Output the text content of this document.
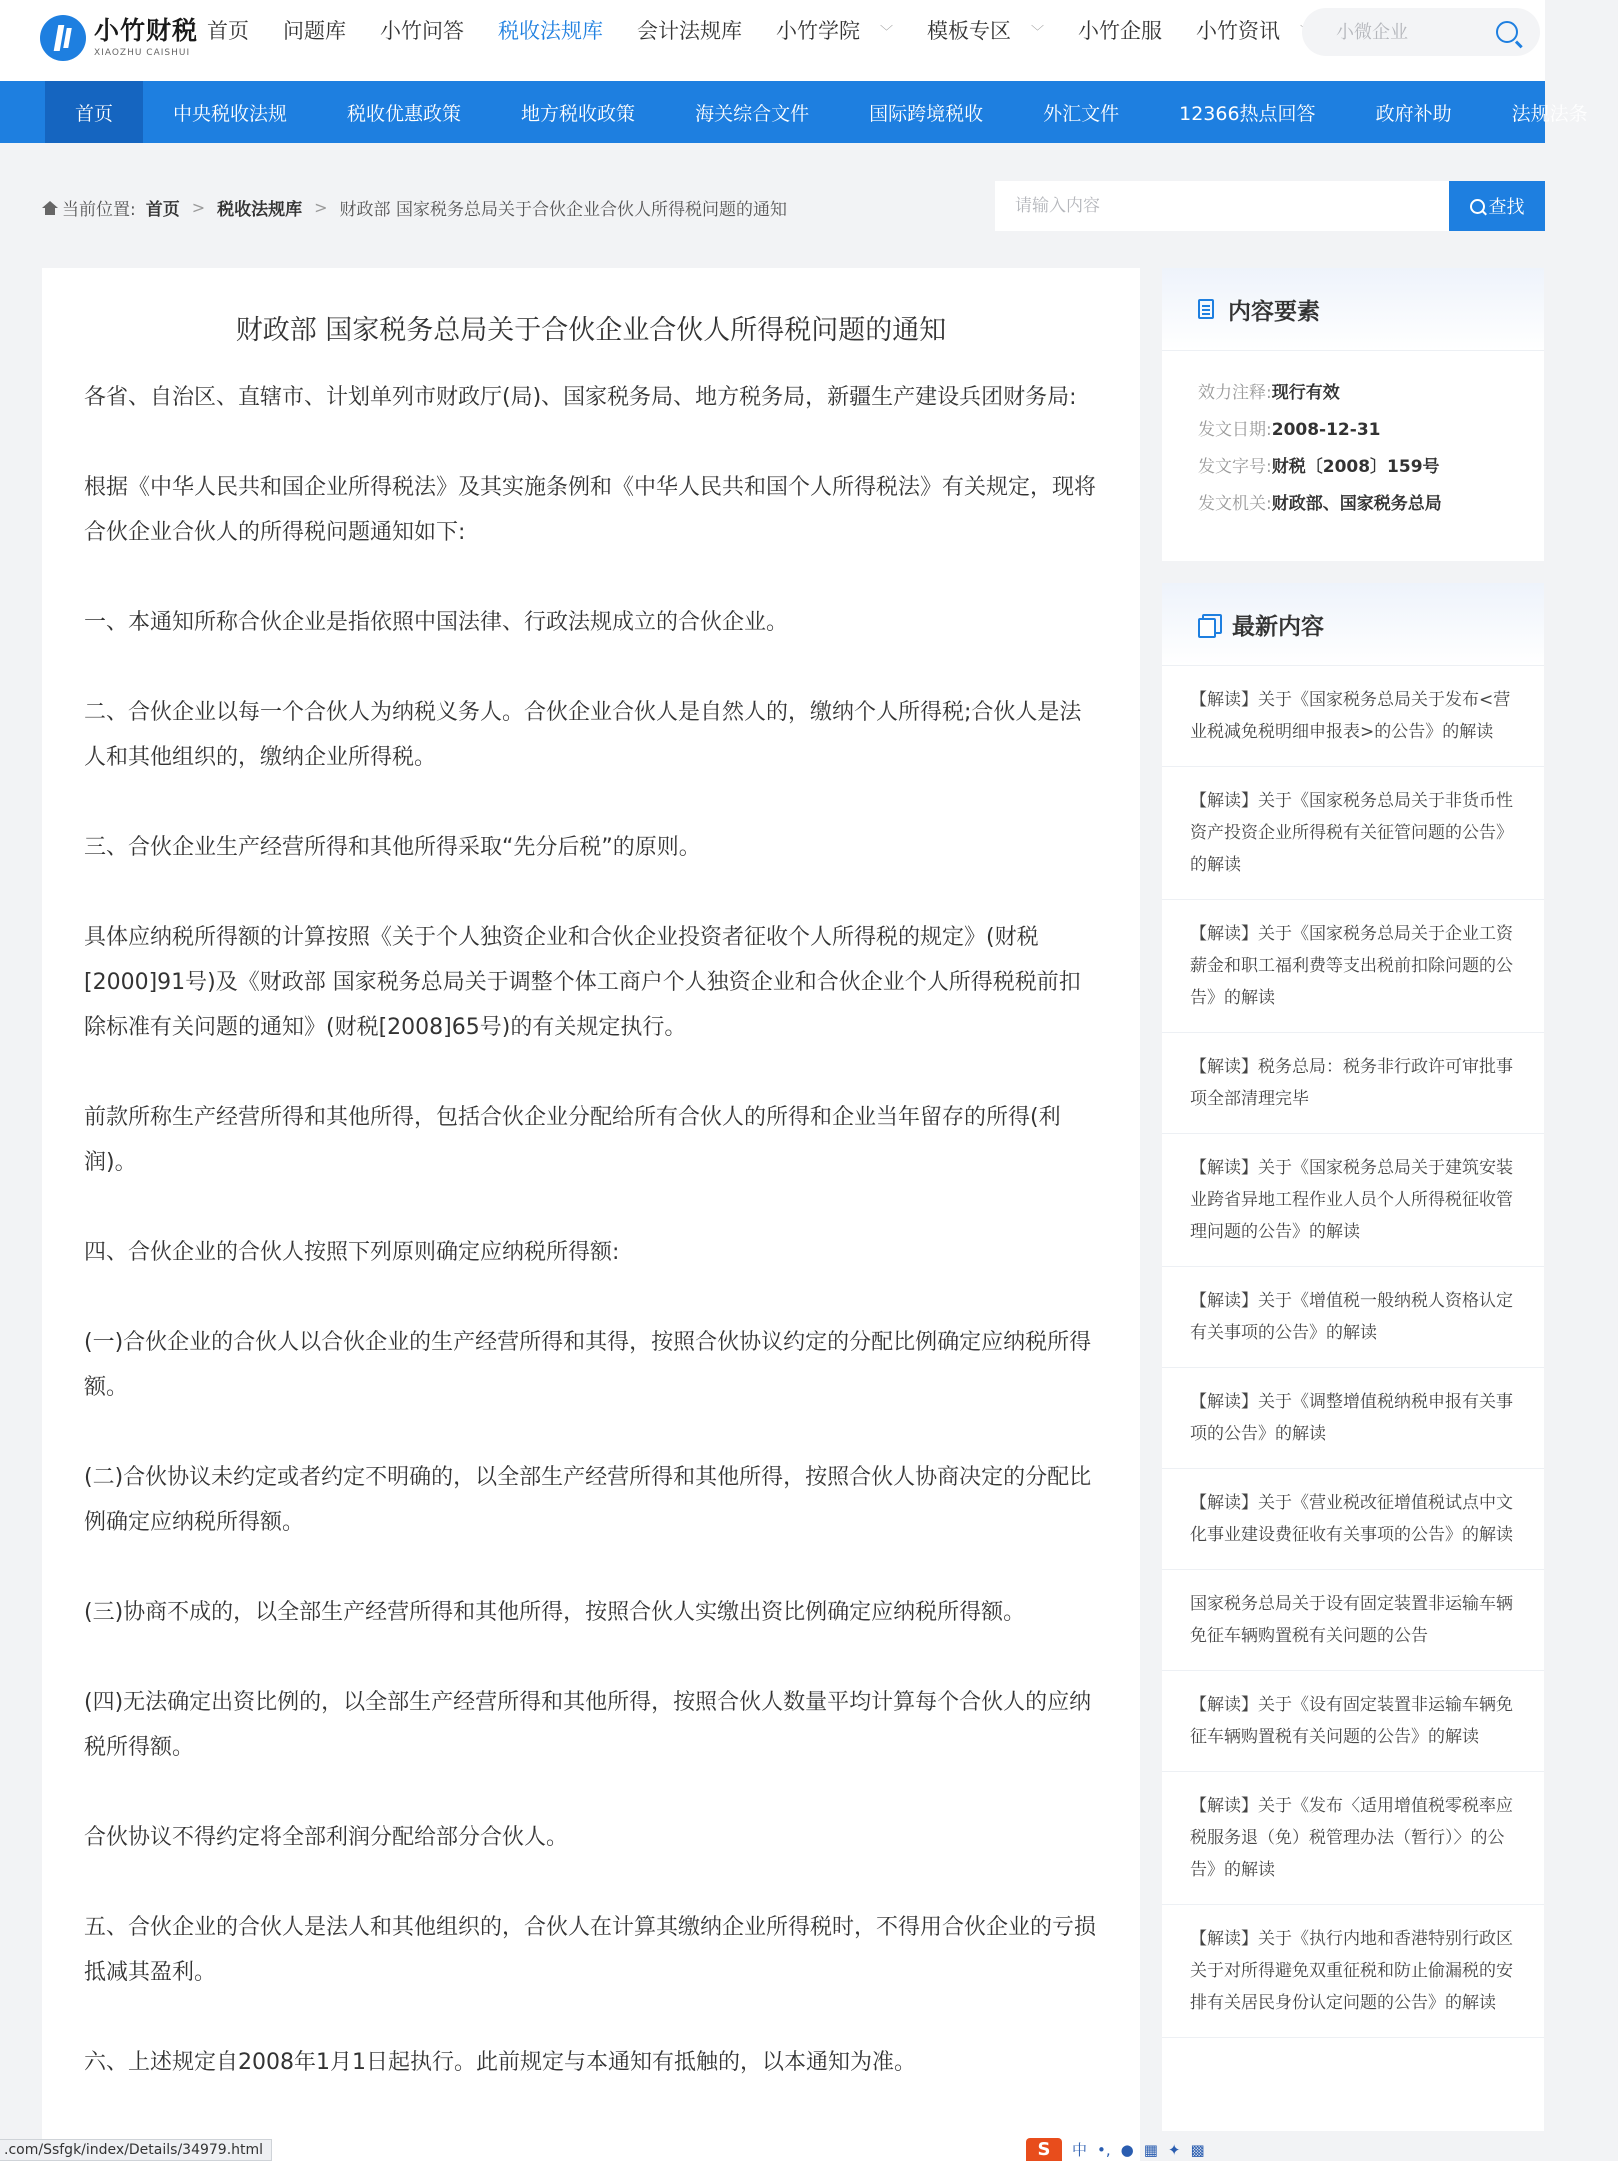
小竹财税
XIAOZHU CAISHUI
首页 问题库 小竹问答 税收法规库 会计法规库 小竹学院 ﹀ 模板专区 ﹀ 小竹企服 小竹资讯
小微企业
首页	中央税收法规	税收优惠政策	地方税收政策	海关综合文件	国际跨境税收	外汇文件	12366热点回答	政府补助	法规法条
当前位置: 首页 > 税收法规库 > 财政部 国家税务总局关于合伙企业合伙人所得税问题的通知
请输入内容	查找
财政部 国家税务总局关于合伙企业合伙人所得税问题的通知

各省、自治区、直辖市、计划单列市财政厅(局)、国家税务局、地方税务局，新疆生产建设兵团财务局:

根据《中华人民共和国企业所得税法》及其实施条例和《中华人民共和国个人所得税法》有关规定，现将合伙企业合伙人的所得税问题通知如下:

一、本通知所称合伙企业是指依照中国法律、行政法规成立的合伙企业。

二、合伙企业以每一个合伙人为纳税义务人。合伙企业合伙人是自然人的，缴纳个人所得税;合伙人是法人和其他组织的，缴纳企业所得税。

三、合伙企业生产经营所得和其他所得采取“先分后税”的原则。

具体应纳税所得额的计算按照《关于个人独资企业和合伙企业投资者征收个人所得税的规定》(财税[2000]91号)及《财政部 国家税务总局关于调整个体工商户个人独资企业和合伙企业个人所得税税前扣除标准有关问题的通知》(财税[2008]65号)的有关规定执行。

前款所称生产经营所得和其他所得，包括合伙企业分配给所有合伙人的所得和企业当年留存的所得(利润)。

四、合伙企业的合伙人按照下列原则确定应纳税所得额:

(一)合伙企业的合伙人以合伙企业的生产经营所得和其得，按照合伙协议约定的分配比例确定应纳税所得额。

(二)合伙协议未约定或者约定不明确的，以全部生产经营所得和其他所得，按照合伙人协商决定的分配比例确定应纳税所得额。

(三)协商不成的，以全部生产经营所得和其他所得，按照合伙人实缴出资比例确定应纳税所得额。

(四)无法确定出资比例的，以全部生产经营所得和其他所得，按照合伙人数量平均计算每个合伙人的应纳税所得额。

合伙协议不得约定将全部利润分配给部分合伙人。

五、合伙企业的合伙人是法人和其他组织的，合伙人在计算其缴纳企业所得税时，不得用合伙企业的亏损抵减其盈利。

六、上述规定自2008年1月1日起执行。此前规定与本通知有抵触的，以本通知为准。

内容要素
效力注释:现行有效
发文日期:2008-12-31
发文字号:财税〔2008〕159号
发文机关:财政部、国家税务总局
最新内容
【解读】关于《国家税务总局关于发布<营业税减免税明细申报表>的公告》的解读
【解读】关于《国家税务总局关于非货币性资产投资企业所得税有关征管问题的公告》的解读
【解读】关于《国家税务总局关于企业工资薪金和职工福利费等支出税前扣除问题的公告》的解读
【解读】税务总局：税务非行政许可审批事项全部清理完毕
【解读】关于《国家税务总局关于建筑安装业跨省异地工程作业人员个人所得税征收管理问题的公告》的解读
【解读】关于《增值税一般纳税人资格认定有关事项的公告》的解读
【解读】关于《调整增值税纳税申报有关事项的公告》的解读
【解读】关于《营业税改征增值税试点中文化事业建设费征收有关事项的公告》的解读
国家税务总局关于设有固定装置非运输车辆免征车辆购置税有关问题的公告
【解读】关于《设有固定装置非运输车辆免征车辆购置税有关问题的公告》的解读
【解读】关于《发布〈适用增值税零税率应税服务退（免）税管理办法（暂行）〉的公告》的解读
【解读】关于《执行内地和香港特别行政区关于对所得避免双重征税和防止偷漏税的安排有关居民身份认定问题的公告》的解读
.com/Ssfgk/index/Details/34979.html	S	中 •, ● ▦ ✦ ▩
